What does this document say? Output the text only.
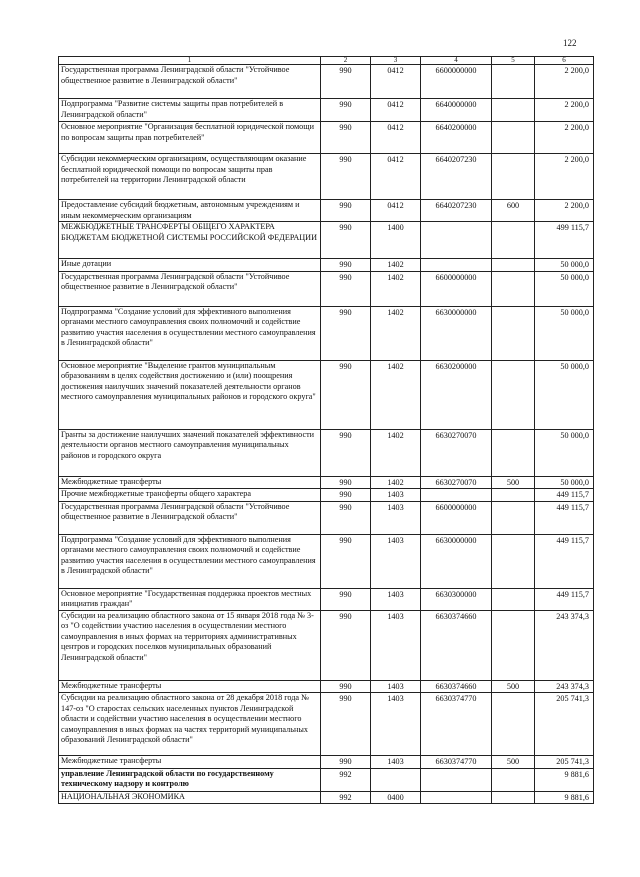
122
1	2	3	4	5	6
Государственная программа Ленинградской области "Устойчивое общественное развитие в Ленинградской области"	990	0412	6600000000		2 200,0
Подпрограмма "Развитие системы защиты прав потребителей в Ленинградской области"	990	0412	6640000000		2 200,0
Основное мероприятие "Организация бесплатной юридической помощи по вопросам защиты прав потребителей"	990	0412	6640200000		2 200,0
Субсидии некоммерческим организациям, осуществляющим оказание бесплатной юридической помощи по вопросам защиты прав потребителей на территории Ленинградской области	990	0412	6640207230		2 200,0
Предоставление субсидий бюджетным, автономным учреждениям и иным некоммерческим организациям	990	0412	6640207230	600	2 200,0
МЕЖБЮДЖЕТНЫЕ ТРАНСФЕРТЫ ОБЩЕГО ХАРАКТЕРА БЮДЖЕТАМ БЮДЖЕТНОЙ СИСТЕМЫ РОССИЙСКОЙ ФЕДЕРАЦИИ	990	1400			499 115,7
Иные дотации	990	1402			50 000,0
Государственная программа Ленинградской области "Устойчивое общественное развитие в Ленинградской области"	990	1402	6600000000		50 000,0
Подпрограмма "Создание условий для эффективного выполнения органами местного самоуправления своих полномочий и содействие развитию участия населения в осуществлении местного самоуправления в Ленинградской области"	990	1402	6630000000		50 000,0
Основное мероприятие "Выделение грантов муниципальным образованиям в целях содействия достижению и (или) поощрения достижения наилучших значений показателей деятельности органов местного самоуправления муниципальных районов и городского округа"	990	1402	6630200000		50 000,0
Гранты за достижение наилучших значений показателей эффективности деятельности органов местного самоуправления муниципальных районов и городского округа	990	1402	6630270070		50 000,0
Межбюджетные трансферты	990	1402	6630270070	500	50 000,0
Прочие межбюджетные трансферты общего характера	990	1403			449 115,7
Государственная программа Ленинградской области "Устойчивое общественное развитие в Ленинградской области"	990	1403	6600000000		449 115,7
Подпрограмма "Создание условий для эффективного выполнения органами местного самоуправления своих полномочий и содействие развитию участия населения в осуществлении местного самоуправления в Ленинградской области"	990	1403	6630000000		449 115,7
Основное мероприятие "Государственная поддержка проектов местных инициатив граждан"	990	1403	6630300000		449 115,7
Субсидии на реализацию областного закона от 15 января 2018 года № 3-оз "О содействии участию населения в осуществлении местного самоуправления в иных формах на территориях административных центров и городских поселков муниципальных образований Ленинградской области"	990	1403	6630374660		243 374,3
Межбюджетные трансферты	990	1403	6630374660	500	243 374,3
Субсидии на реализацию областного закона от 28 декабря 2018 года № 147-оз "О старостах сельских населенных пунктов Ленинградской области и содействии участию населения в осуществлении местного самоуправления в иных формах на частях территорий муниципальных образований Ленинградской области"	990	1403	6630374770		205 741,3
Межбюджетные трансферты	990	1403	6630374770	500	205 741,3
управление Ленинградской области по государственному техническому надзору и контролю	992				9 881,6
НАЦИОНАЛЬНАЯ ЭКОНОМИКА	992	0400			9 881,6
